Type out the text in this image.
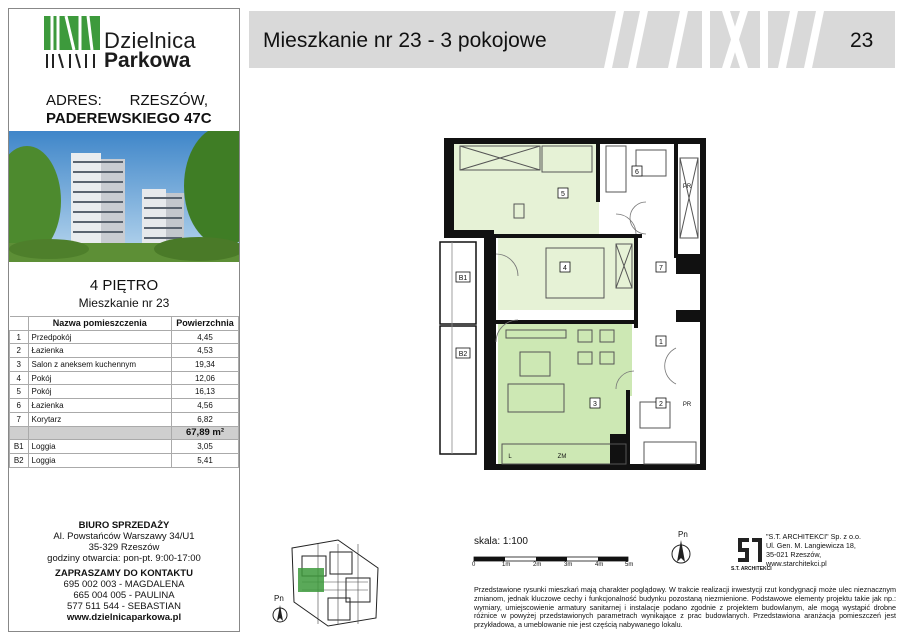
Dzielnica
Parkowa
ADRES: RZESZÓW,
PADEREWSKIEGO 47C
4 PIĘTRO
Mieszkanie nr 23
	Nazwa pomieszczenia	Powierzchnia
1	Przedpokój	4,45
2	Łazienka	4,53
3	Salon z aneksem kuchennym	19,34
4	Pokój	12,06
5	Pokój	16,13
6	Łazienka	4,56
7	Korytarz	6,82
		67,89 m²
B1	Loggia	3,05
B2	Loggia	5,41
BIURO SPRZEDAŻY
Al. Powstańców Warszawy 34/U1
35-329 Rzeszów
godziny otwarcia: pon-pt. 9:00-17:00
ZAPRASZAMY DO KONTAKTU
695 002 003 - MAGDALENA
665 004 005 - PAULINA
577 511 544 - SEBASTIAN
www.dzielnicaparkowa.pl
Mieszkanie nr 23 - 3 pokojowe	23
5
6
PR
4	7
B1
1
B2
3	2	PR
L	ZM
Pn
skala: 1:100
0	1m	2m	3m	4m	5m
Pn
S.T. ARCHITEKCI
"S.T. ARCHITEKCI" Sp. z o.o.
Ul. Gen. M. Langiewicza 18,
35-021 Rzeszów,
www.starchitekci.pl
Przedstawione rysunki mieszkań mają charakter poglądowy. W trakcie realizacji inwestycji rzut kondygnacji może ulec nieznacznym zmianom, jednak kluczowe cechy i funkcjonalność budynku pozostaną niezmienione. Podstawowe elementy projektu takie jak np.: wymiary, umiejscowienie armatury sanitarnej i instalacje podano zgodnie z projektem budowlanym, ale mogą wystąpić drobne różnice w powyżej przedstawionych parametrach wynikające z prac budowlanych. Przedstawiona aranżacja pomieszczeń jest przykładowa, a umeblowanie nie jest częścią nabywanego lokalu.
